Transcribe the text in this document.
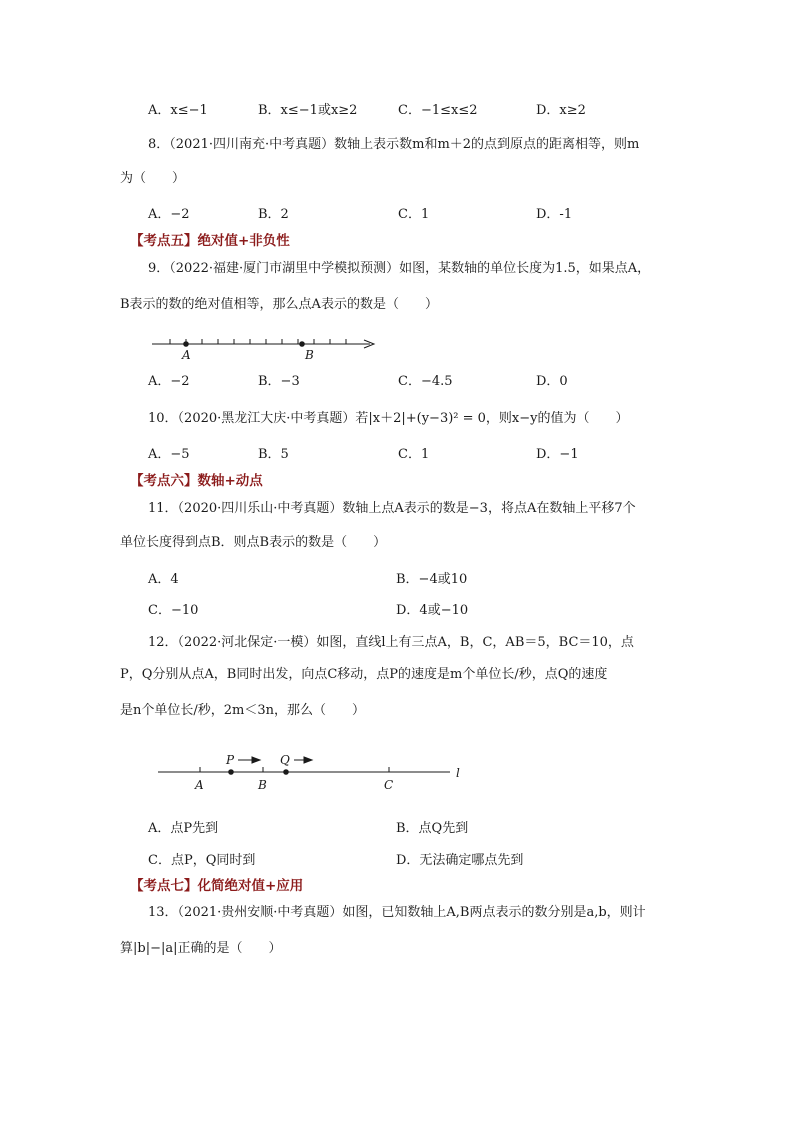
A．x≤−1	B．x≤−1或x≥2	C．−1≤x≤2	D．x≥2
8．（2021·四川南充·中考真题）数轴上表示数m和m＋2的点到原点的距离相等，则m
为（　　）
A．−2	B．2	C．1	D．-1
【考点五】绝对值+非负性
9．（2022·福建·厦门市湖里中学模拟预测）如图，某数轴的单位长度为1.5，如果点A，
B表示的数的绝对值相等，那么点A表示的数是（　　）
A	B
A．−2	B．−3	C．−4.5	D．0
10．（2020·黑龙江大庆·中考真题）若|x＋2|+(y−3)² = 0，则x−y的值为（　　）
A．−5	B．5	C．1	D．−1
【考点六】数轴+动点
11．（2020·四川乐山·中考真题）数轴上点A表示的数是−3，将点A在数轴上平移7个
单位长度得到点B．则点B表示的数是（　　）
A．4	B．−4或10
C．−10	D．4或−10
12．（2022·河北保定·一模）如图，直线l上有三点A，B，C，AB＝5，BC＝10，点
P，Q分别从点A，B同时出发，向点C移动，点P的速度是m个单位长/秒，点Q的速度
是n个单位长/秒，2m＜3n，那么（　　）
P	Q
A	B	C
l
A．点P先到	B．点Q先到
C．点P，Q同时到	D．无法确定哪点先到
【考点七】化简绝对值+应用
13．（2021·贵州安顺·中考真题）如图，已知数轴上A,B两点表示的数分别是a,b，则计
算|b|−|a|正确的是（　　）
